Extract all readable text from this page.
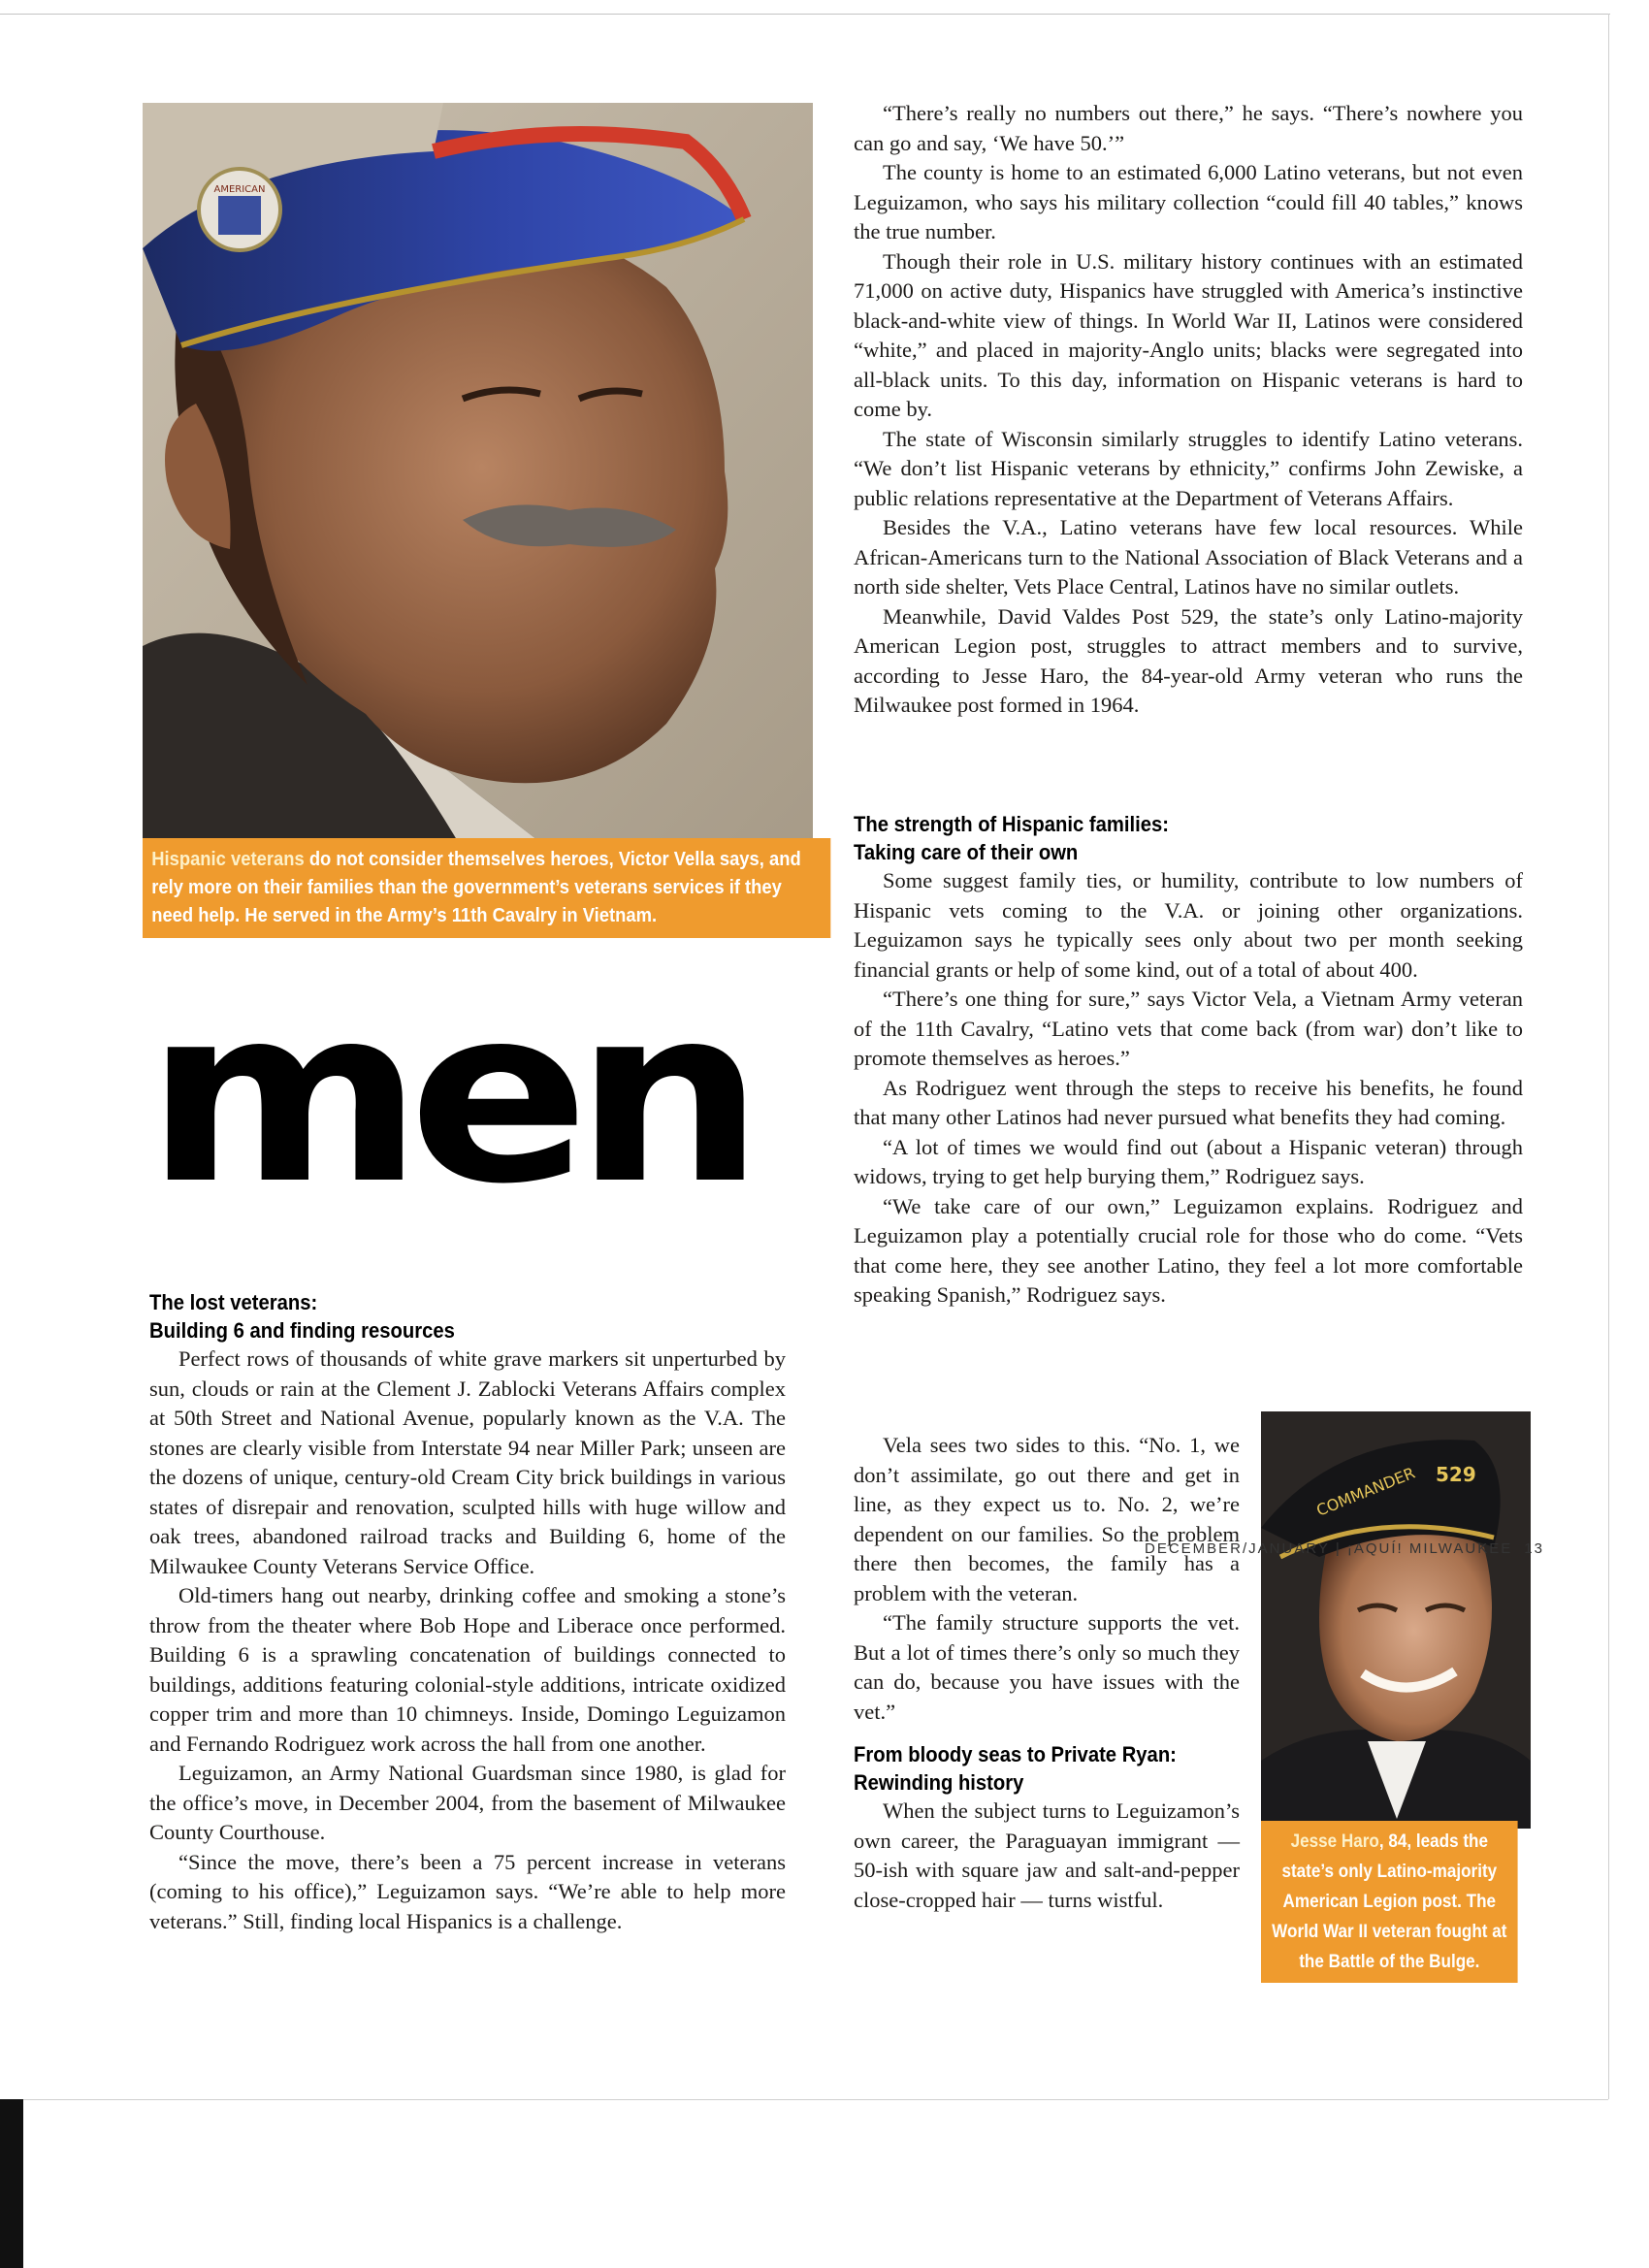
AMERICAN
Hispanic veterans do not consider themselves heroes, Victor Vella says, and rely more on their families than the government’s veterans services if they need help. He served in the Army’s 11th Cavalry in Vietnam.
men
The lost veterans:
Building 6 and finding resources

Perfect rows of thousands of white grave markers sit unperturbed by sun, clouds or rain at the Clement J. Zablocki Veterans Affairs complex at 50th Street and National Avenue, popularly known as the V.A. The stones are clearly visible from Interstate 94 near Miller Park; unseen are the dozens of unique, century-old Cream City brick buildings in various states of disrepair and renovation, sculpted hills with huge willow and oak trees, abandoned railroad tracks and Building 6, home of the Milwaukee County Veterans Service Office.

Old-timers hang out nearby, drinking coffee and smoking a stone’s throw from the theater where Bob Hope and Liberace once performed. Building 6 is a sprawling concatenation of buildings connected to buildings, additions featuring colonial-style additions, intricate oxidized copper trim and more than 10 chimneys. Inside, Domingo Leguizamon and Fernando Rodriguez work across the hall from one another.

Leguizamon, an Army National Guardsman since 1980, is glad for the office’s move, in December 2004, from the basement of Milwaukee County Courthouse.

“Since the move, there’s been a 75 percent increase in veterans (coming to his office),” Leguizamon says. “We’re able to help more veterans.” Still, finding local Hispanics is a challenge.

“There’s really no numbers out there,” he says. “There’s nowhere you can go and say, ‘We have 50.’”

The county is home to an estimated 6,000 Latino veterans, but not even Leguizamon, who says his military collection “could fill 40 tables,” knows the true number.

Though their role in U.S. military history continues with an estimated 71,000 on active duty, Hispanics have struggled with America’s instinctive black-and-white view of things. In World War II, Latinos were considered “white,” and placed in majority-Anglo units; blacks were segregated into all-black units. To this day, information on Hispanic veterans is hard to come by.

The state of Wisconsin similarly struggles to identify Latino veterans. “We don’t list Hispanic veterans by ethnicity,” confirms John Zewiske, a public relations representative at the Department of Veterans Affairs.

Besides the V.A., Latino veterans have few local resources. While African-Americans turn to the National Association of Black Veterans and a north side shelter, Vets Place Central, Latinos have no similar outlets.

Meanwhile, David Valdes Post 529, the state’s only Latino-majority American Legion post, struggles to attract members and to survive, according to Jesse Haro, the 84-year-old Army veteran who runs the Milwaukee post formed in 1964.

The strength of Hispanic families:
Taking care of their own

Some suggest family ties, or humility, contribute to low numbers of Hispanic vets coming to the V.A. or joining other organizations. Leguizamon says he typically sees only about two per month seeking financial grants or help of some kind, out of a total of about 400.

“There’s one thing for sure,” says Victor Vela, a Vietnam Army veteran of the 11th Cavalry, “Latino vets that come back (from war) don’t like to promote themselves as heroes.”

As Rodriguez went through the steps to receive his benefits, he found that many other Latinos had never pursued what benefits they had coming.

“A lot of times we would find out (about a Hispanic veteran) through widows, trying to get help burying them,” Rodriguez says.

“We take care of our own,” Leguizamon explains. Rodriguez and Leguizamon play a potentially crucial role for those who do come. “Vets that come here, they see another Latino, they feel a lot more comfortable speaking Spanish,” Rodriguez says.

Vela sees two sides to this. “No. 1, we don’t assimilate, go out there and get in line, as they expect us to. No. 2, we’re dependent on our families. So the problem there then becomes, the family has a problem with the veteran.

“The family structure supports the vet. But a lot of times there’s only so much they can do, because you have issues with the vet.”

From bloody seas to Private Ryan:
Rewinding history

When the subject turns to Leguizamon’s own career, the Paraguayan immigrant — 50-ish with square jaw and salt-and-pepper close-cropped hair — turns wistful.

COMMANDER 529
Jesse Haro, 84, leads the state’s only Latino-majority American Legion post. The World War II veteran fought at the Battle of the Bulge.
DECEMBER/JANUARY | ¡AQUÍ! MILWAUKEE 13
